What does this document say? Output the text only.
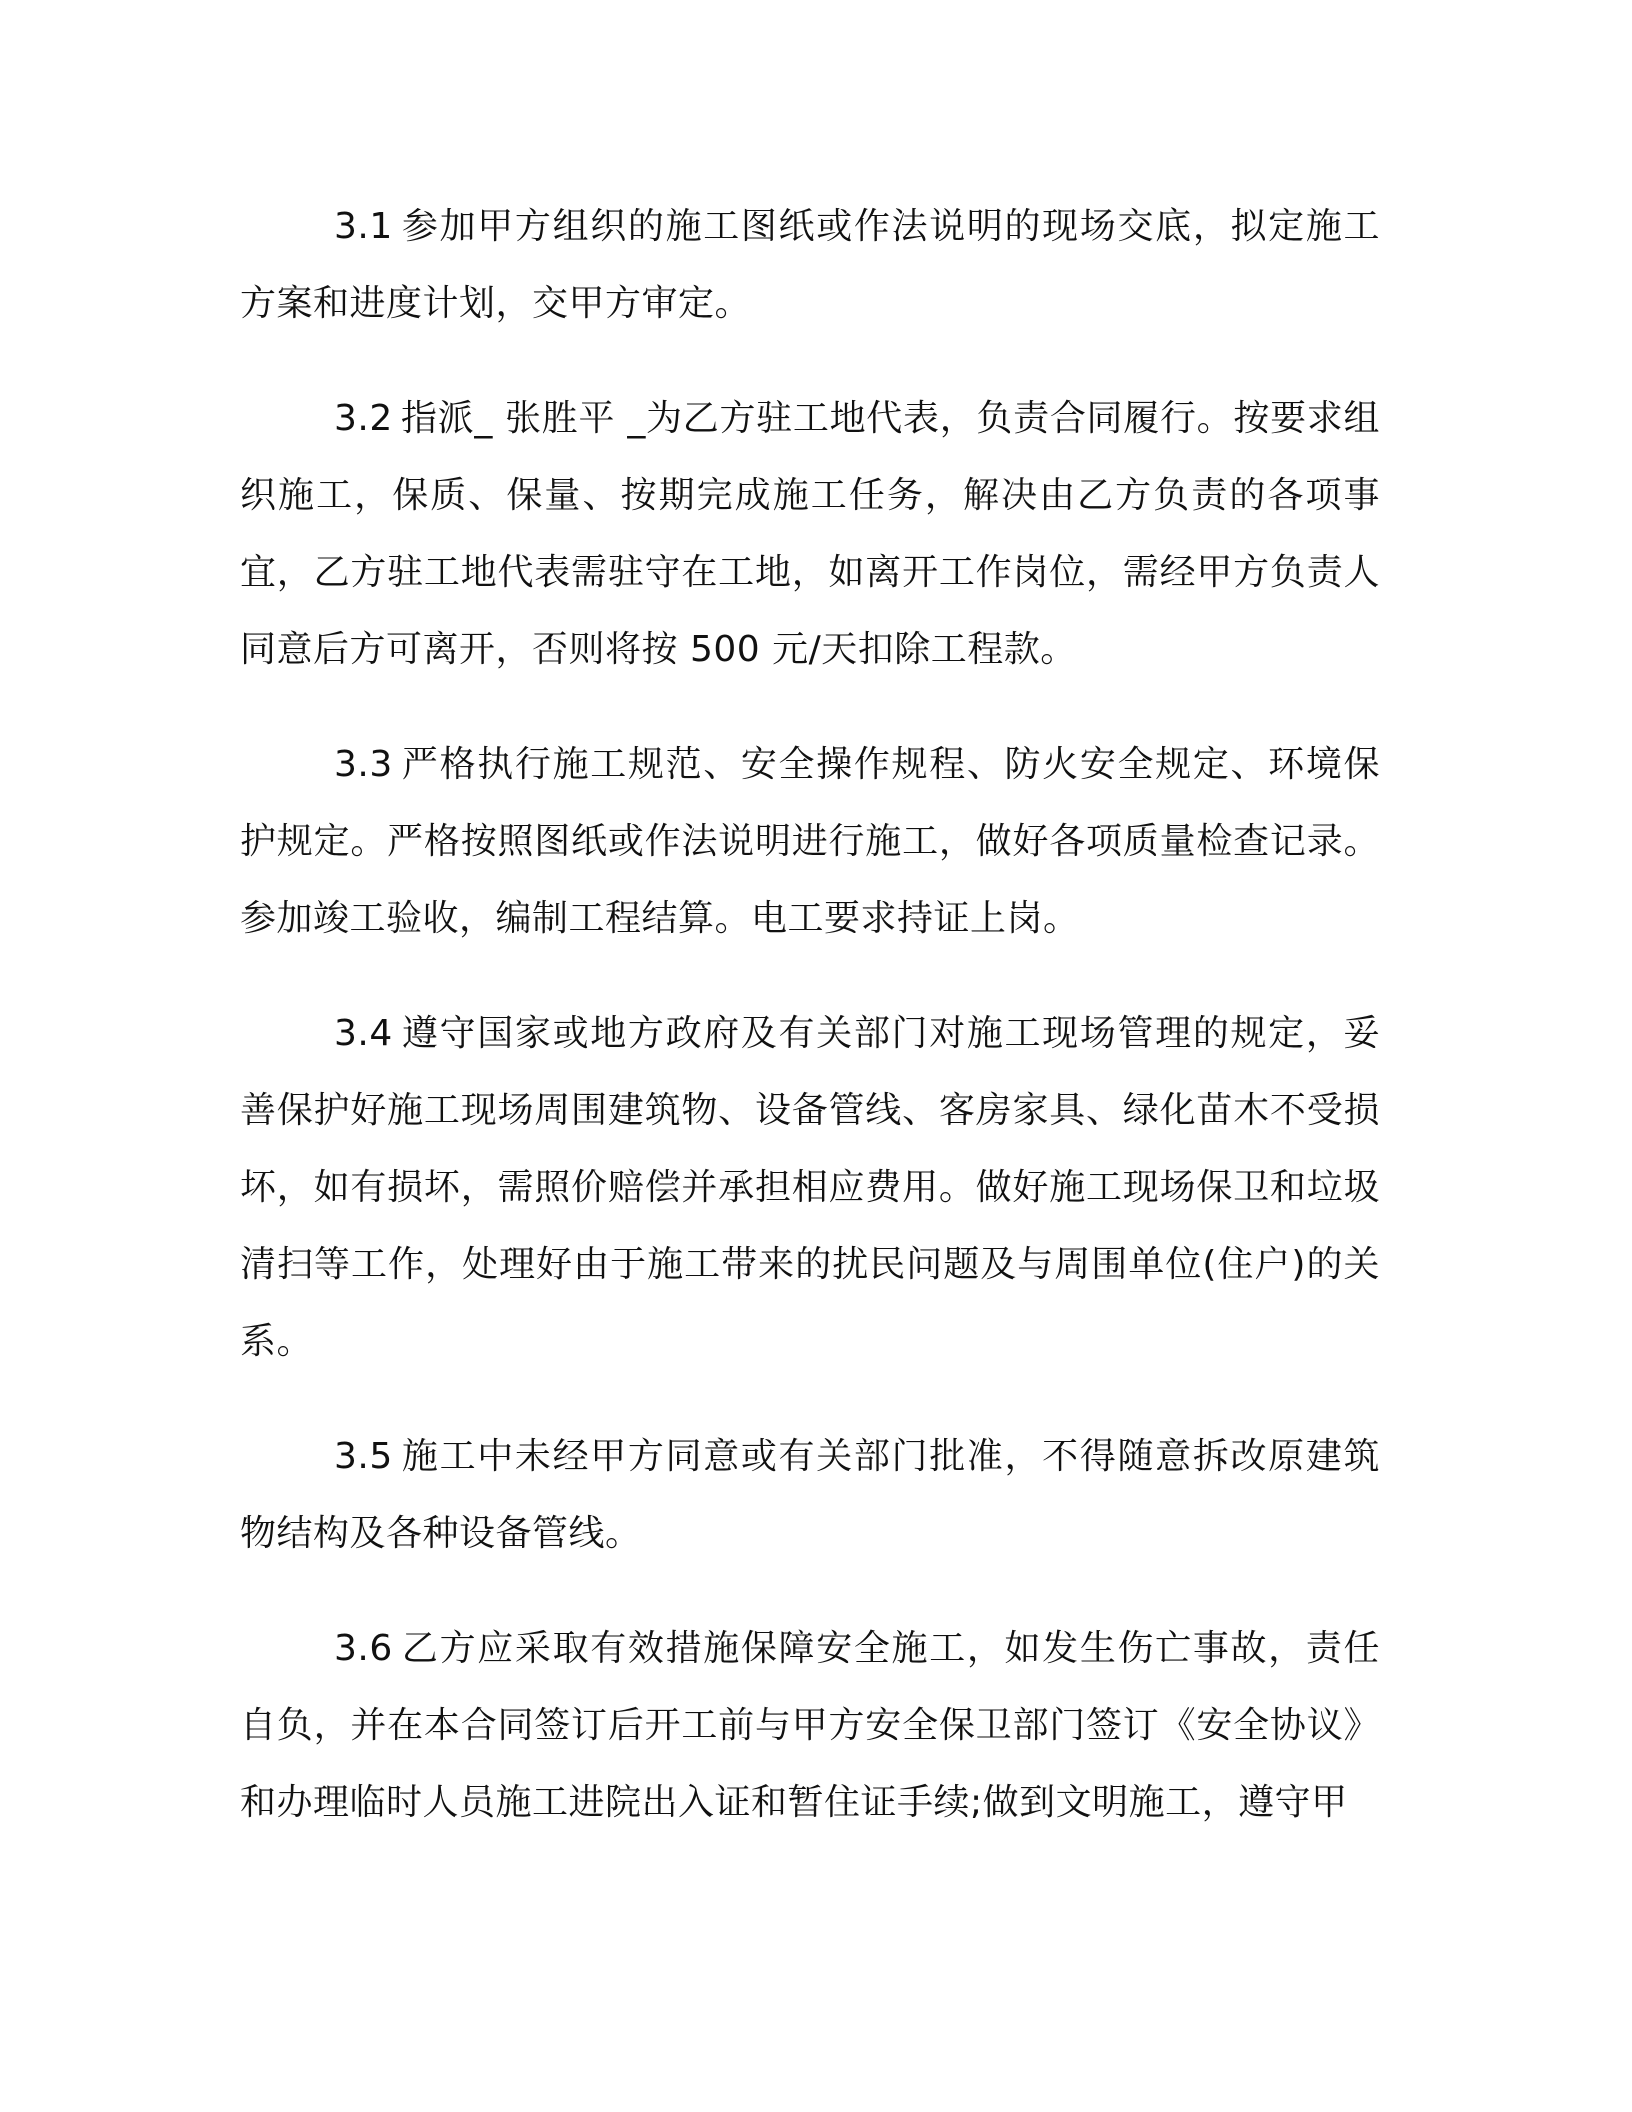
3.1 参加甲方组织的施工图纸或作法说明的现场交底，拟定施工方案和进度计划，交甲方审定。

3.2 指派_ 张胜平 _为乙方驻工地代表，负责合同履行。按要求组织施工，保质、保量、按期完成施工任务，解决由乙方负责的各项事宜，乙方驻工地代表需驻守在工地，如离开工作岗位，需经甲方负责人同意后方可离开，否则将按 500 元/天扣除工程款。

3.3 严格执行施工规范、安全操作规程、防火安全规定、环境保护规定。严格按照图纸或作法说明进行施工，做好各项质量检查记录。参加竣工验收，编制工程结算。电工要求持证上岗。

3.4 遵守国家或地方政府及有关部门对施工现场管理的规定，妥善保护好施工现场周围建筑物、设备管线、客房家具、绿化苗木不受损坏，如有损坏，需照价赔偿并承担相应费用。做好施工现场保卫和垃圾清扫等工作，处理好由于施工带来的扰民问题及与周围单位(住户)的关系。

3.5 施工中未经甲方同意或有关部门批准，不得随意拆改原建筑物结构及各种设备管线。

3.6 乙方应采取有效措施保障安全施工，如发生伤亡事故，责任自负，并在本合同签订后开工前与甲方安全保卫部门签订《安全协议》和办理临时人员施工进院出入证和暂住证手续;做到文明施工，遵守甲
